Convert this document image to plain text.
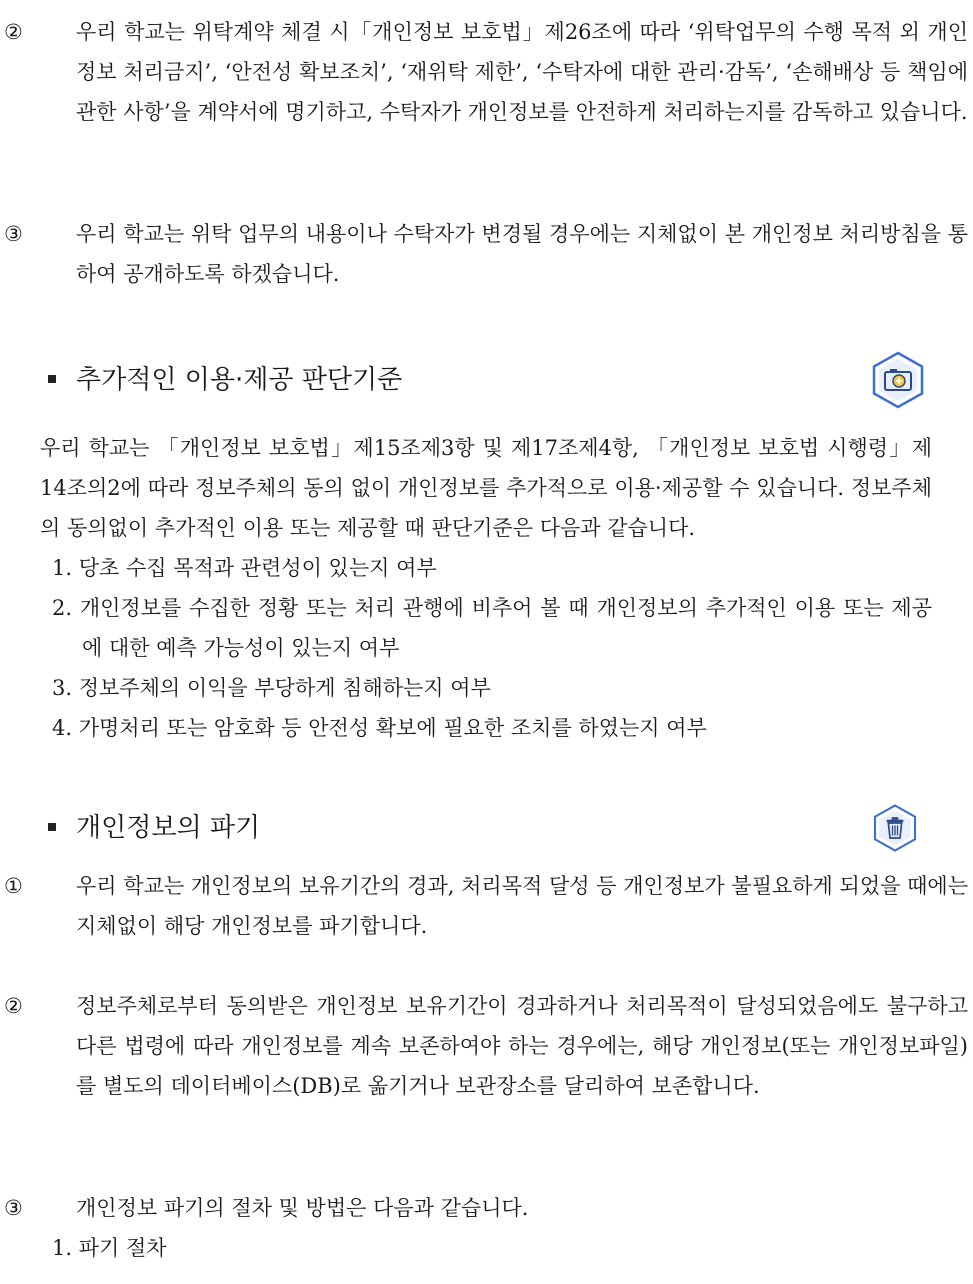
②	우리 학교는 위탁계약 체결 시「개인정보 보호법」제26조에 따라 ‘위탁업무의 수행 목적 외 개인정보 처리금지’, ‘안전성 확보조치’, ‘재위탁 제한’, ‘수탁자에 대한 관리·감독’, ‘손해배상 등 책임에 관한 사항’을 계약서에 명기하고, 수탁자가 개인정보를 안전하게 처리하는지를 감독하고 있습니다.

③	우리 학교는 위탁 업무의 내용이나 수탁자가 변경될 경우에는 지체없이 본 개인정보 처리방침을 통하여 공개하도록 하겠습니다.

추가적인 이용·제공 판단기준

우리 학교는 「개인정보 보호법」제15조제3항 및 제17조제4항, 「개인정보 보호법 시행령」제14조의2에 따라 정보주체의 동의 없이 개인정보를 추가적으로 이용·제공할 수 있습니다. 정보주체의 동의없이 추가적인 이용 또는 제공할 때 판단기준은 다음과 같습니다.

1. 당초 수집 목적과 관련성이 있는지 여부
2. 개인정보를 수집한 정황 또는 처리 관행에 비추어 볼 때 개인정보의 추가적인 이용 또는 제공에 대한 예측 가능성이 있는지 여부
3. 정보주체의 이익을 부당하게 침해하는지 여부
4. 가명처리 또는 암호화 등 안전성 확보에 필요한 조치를 하였는지 여부
개인정보의 파기

①	우리 학교는 개인정보의 보유기간의 경과, 처리목적 달성 등 개인정보가 불필요하게 되었을 때에는 지체없이 해당 개인정보를 파기합니다.

②	정보주체로부터 동의받은 개인정보 보유기간이 경과하거나 처리목적이 달성되었음에도 불구하고 다른 법령에 따라 개인정보를 계속 보존하여야 하는 경우에는, 해당 개인정보(또는 개인정보파일)를 별도의 데이터베이스(DB)로 옮기거나 보관장소를 달리하여 보존합니다.

③	개인정보 파기의 절차 및 방법은 다음과 같습니다.

1. 파기 절차
